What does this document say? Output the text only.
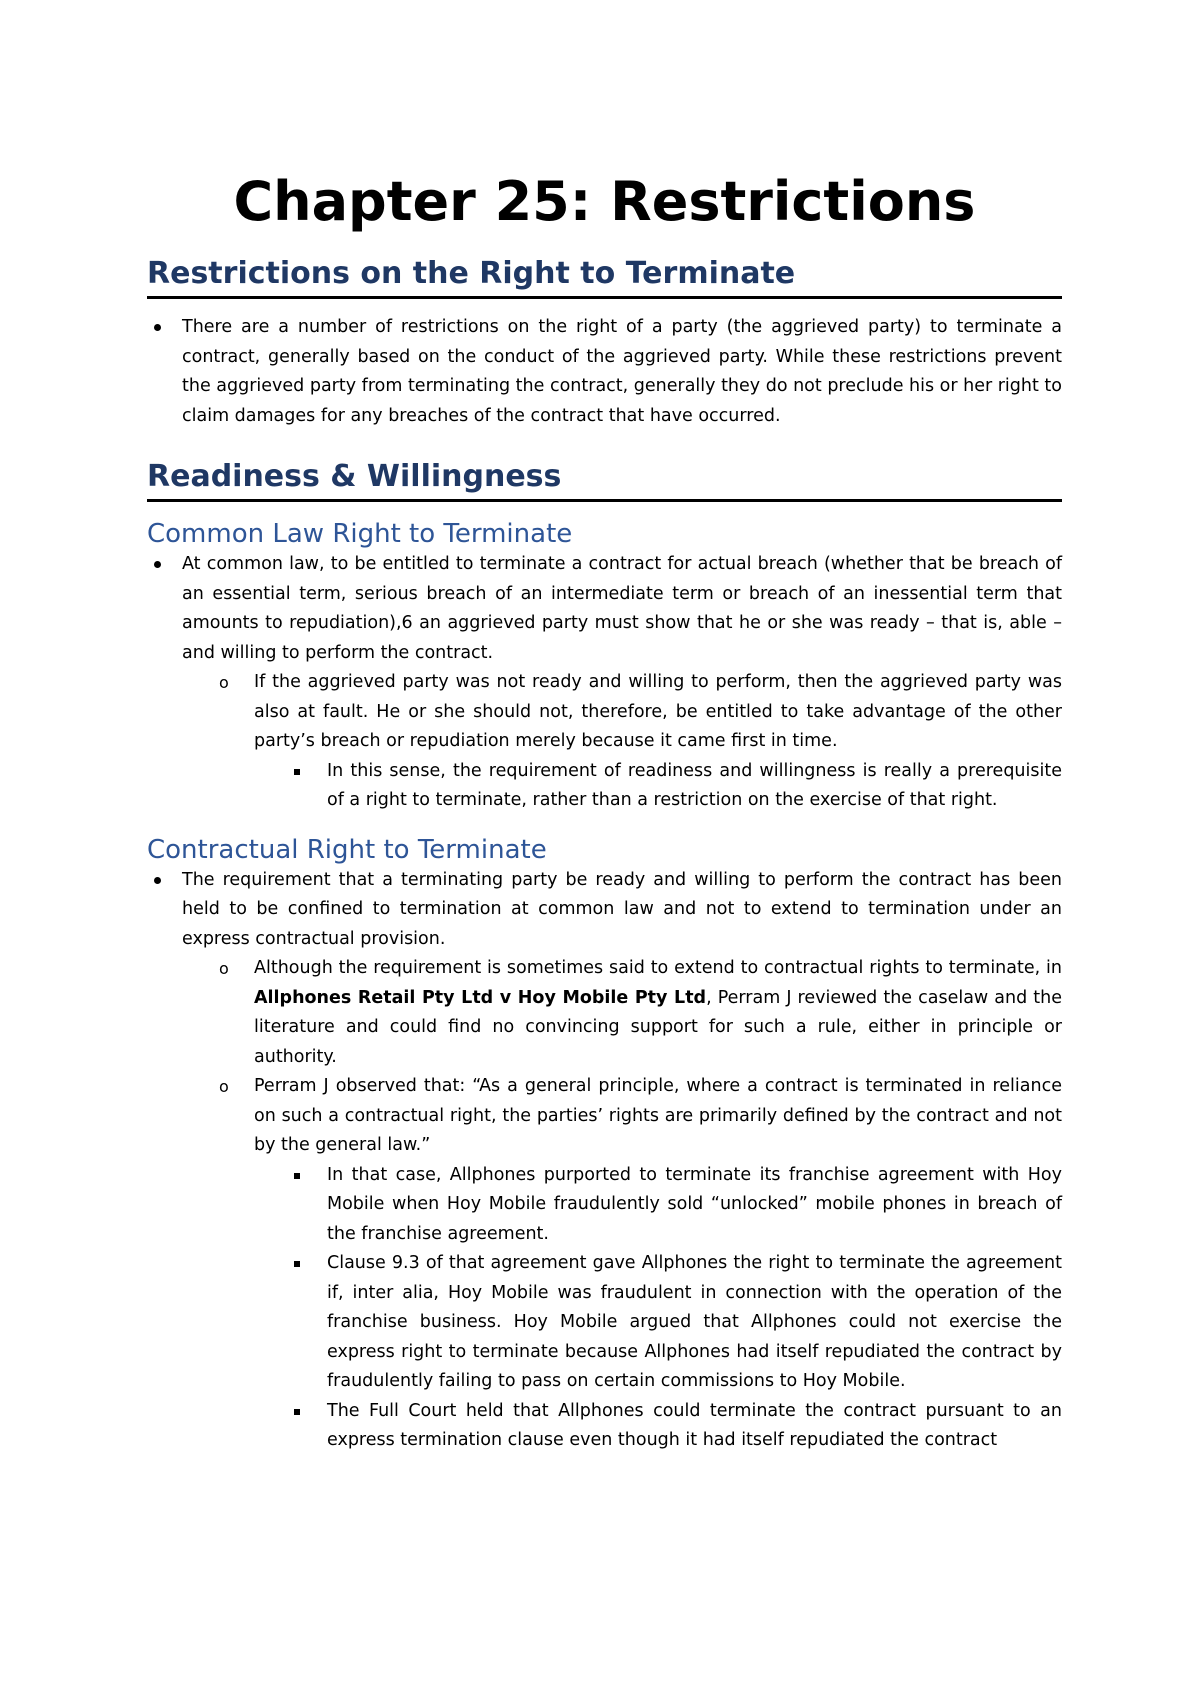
Chapter 25: Restrictions
Restrictions on the Right to Terminate
There are a number of restrictions on the right of a party (the aggrieved party) to terminate a contract, generally based on the conduct of the aggrieved party. While these restrictions prevent the aggrieved party from terminating the contract, generally they do not preclude his or her right to claim damages for any breaches of the contract that have occurred.
Readiness & Willingness
Common Law Right to Terminate
At common law, to be entitled to terminate a contract for actual breach (whether that be breach of an essential term, serious breach of an intermediate term or breach of an inessential term that amounts to repudiation),6 an aggrieved party must show that he or she was ready – that is, able – and willing to perform the contract.
o If the aggrieved party was not ready and willing to perform, then the aggrieved party was also at fault. He or she should not, therefore, be entitled to take advantage of the other party’s breach or repudiation merely because it came first in time.
In this sense, the requirement of readiness and willingness is really a prerequisite of a right to terminate, rather than a restriction on the exercise of that right.
Contractual Right to Terminate
The requirement that a terminating party be ready and willing to perform the contract has been held to be confined to termination at common law and not to extend to termination under an express contractual provision.
o Although the requirement is sometimes said to extend to contractual rights to terminate, in Allphones Retail Pty Ltd v Hoy Mobile Pty Ltd, Perram J reviewed the caselaw and the literature and could find no convincing support for such a rule, either in principle or authority.
o Perram J observed that: “As a general principle, where a contract is terminated in reliance on such a contractual right, the parties’ rights are primarily defined by the contract and not by the general law.”
In that case, Allphones purported to terminate its franchise agreement with Hoy Mobile when Hoy Mobile fraudulently sold “unlocked” mobile phones in breach of the franchise agreement.
Clause 9.3 of that agreement gave Allphones the right to terminate the agreement if, inter alia, Hoy Mobile was fraudulent in connection with the operation of the franchise business. Hoy Mobile argued that Allphones could not exercise the express right to terminate because Allphones had itself repudiated the contract by fraudulently failing to pass on certain commissions to Hoy Mobile.
The Full Court held that Allphones could terminate the contract pursuant to an express termination clause even though it had itself repudiated the contract
